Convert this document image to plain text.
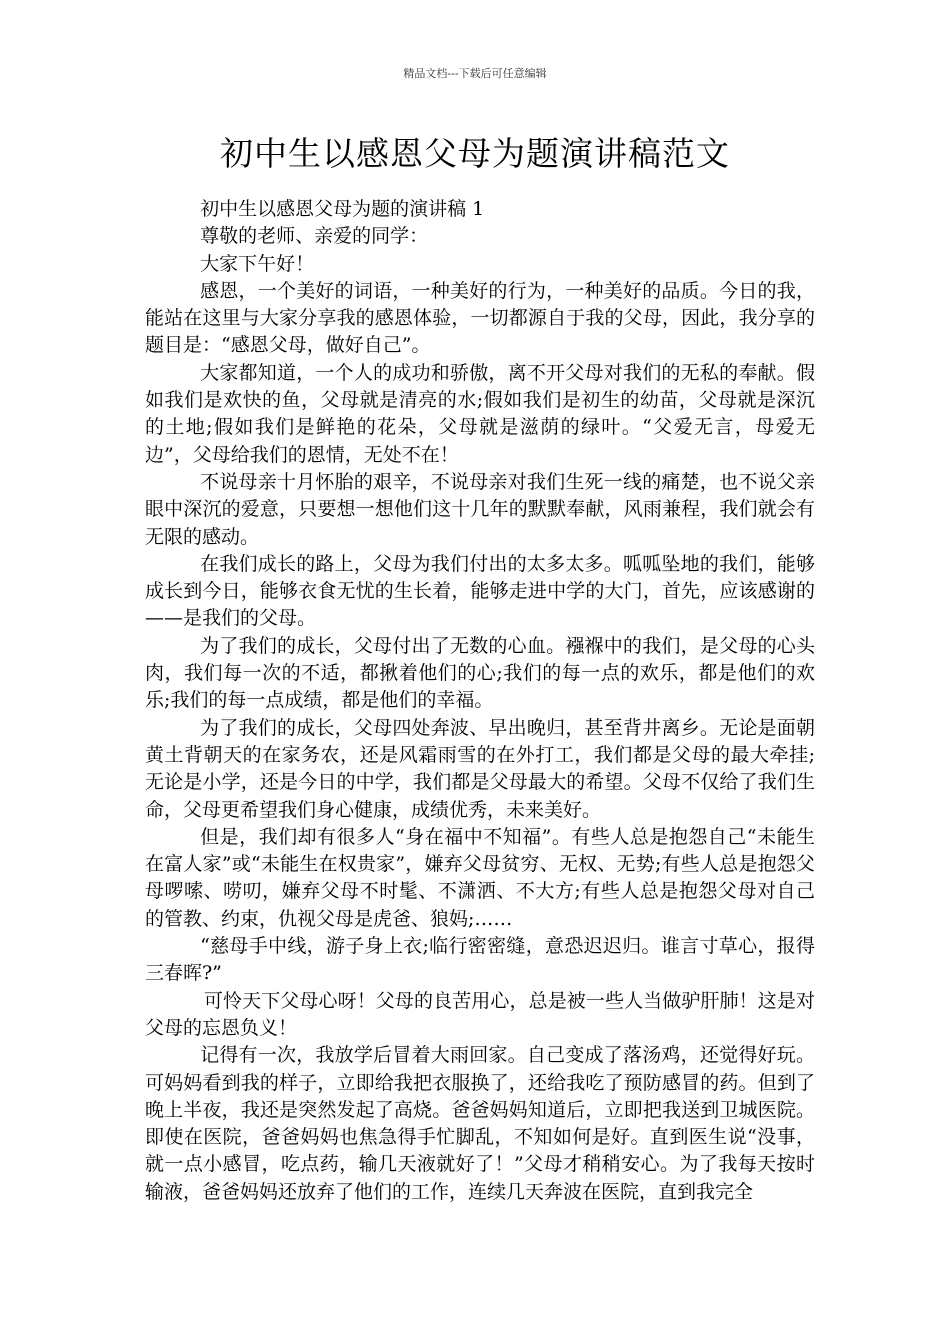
精品文档---下载后可任意编辑
初中生以感恩父母为题演讲稿范文

初中生以感恩父母为题的演讲稿 1

尊敬的老师、亲爱的同学：

大家下午好！

感恩，一个美好的词语，一种美好的行为，一种美好的品质。今日的我，能站在这里与大家分享我的感恩体验，一切都源自于我的父母，因此，我分享的题目是：“感恩父母，做好自己”。

大家都知道，一个人的成功和骄傲，离不开父母对我们的无私的奉献。假如我们是欢快的鱼，父母就是清亮的水;假如我们是初生的幼苗，父母就是深沉的土地;假如我们是鲜艳的花朵，父母就是滋荫的绿叶。“父爱无言，母爱无边”，父母给我们的恩情，无处不在！

不说母亲十月怀胎的艰辛，不说母亲对我们生死一线的痛楚，也不说父亲眼中深沉的爱意，只要想一想他们这十几年的默默奉献，风雨兼程，我们就会有无限的感动。

在我们成长的路上，父母为我们付出的太多太多。呱呱坠地的我们，能够成长到今日，能够衣食无忧的生长着，能够走进中学的大门，首先，应该感谢的——是我们的父母。

为了我们的成长，父母付出了无数的心血。襁褓中的我们，是父母的心头肉，我们每一次的不适，都揪着他们的心;我们的每一点的欢乐，都是他们的欢乐;我们的每一点成绩，都是他们的幸福。

为了我们的成长，父母四处奔波、早出晚归，甚至背井离乡。无论是面朝黄土背朝天的在家务农，还是风霜雨雪的在外打工，我们都是父母的最大牵挂;无论是小学，还是今日的中学，我们都是父母最大的希望。父母不仅给了我们生命，父母更希望我们身心健康，成绩优秀，未来美好。

但是，我们却有很多人“身在福中不知福”。有些人总是抱怨自己“未能生在富人家”或“未能生在权贵家”，嫌弃父母贫穷、无权、无势;有些人总是抱怨父母啰嗦、唠叨，嫌弃父母不时髦、不潇洒、不大方;有些人总是抱怨父母对自己的管教、约束，仇视父母是虎爸、狼妈;……

“慈母手中线，游子身上衣;临行密密缝，意恐迟迟归。谁言寸草心，报得三春晖?”

可怜天下父母心呀！父母的良苦用心，总是被一些人当做驴肝肺！这是对父母的忘恩负义！

记得有一次，我放学后冒着大雨回家。自己变成了落汤鸡，还觉得好玩。可妈妈看到我的样子，立即给我把衣服换了，还给我吃了预防感冒的药。但到了晚上半夜，我还是突然发起了高烧。爸爸妈妈知道后，立即把我送到卫城医院。即使在医院，爸爸妈妈也焦急得手忙脚乱，不知如何是好。直到医生说“没事，就一点小感冒，吃点药，输几天液就好了！”父母才稍稍安心。为了我每天按时输液，爸爸妈妈还放弃了他们的工作，连续几天奔波在医院，直到我完全
